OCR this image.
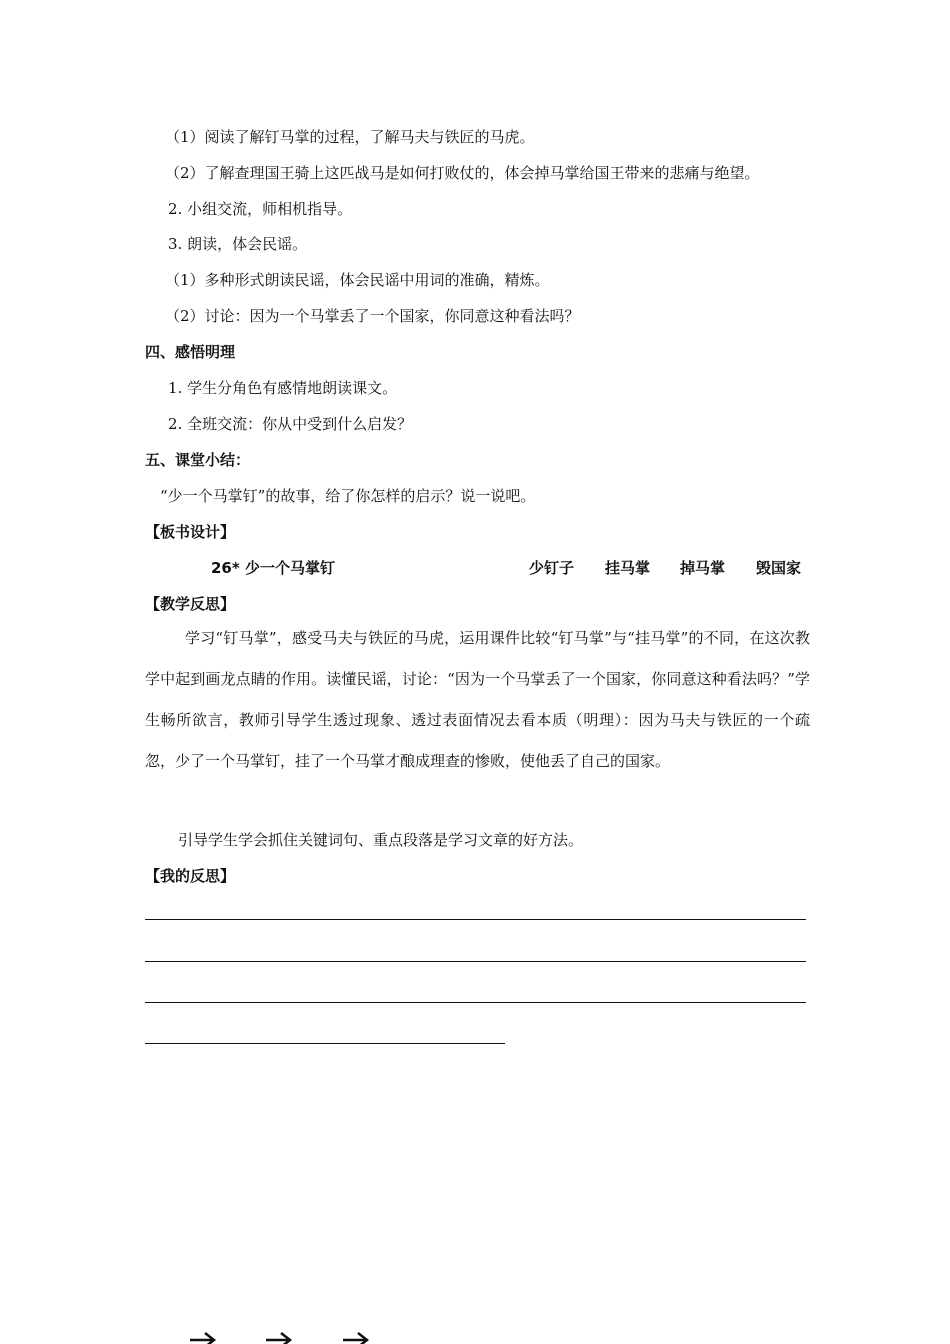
（1）阅读了解钉马掌的过程，了解马夫与铁匠的马虎。
（2）了解查理国王骑上这匹战马是如何打败仗的，体会掉马掌给国王带来的悲痛与绝望。
2. 小组交流，师相机指导。
3. 朗读，体会民谣。
（1）多种形式朗读民谣，体会民谣中用词的准确，精炼。
（2）讨论：因为一个马掌丢了一个国家，你同意这种看法吗？
四、感悟明理
1. 学生分角色有感情地朗读课文。
2. 全班交流：你从中受到什么启发？
五、课堂小结：
“少一个马掌钉”的故事，给了你怎样的启示？说一说吧。
【板书设计】
26* 少一个马掌钉	少钉子 挂马掌 掉马掌 毁国家
【教学反思】
学习“钉马掌”，感受马夫与铁匠的马虎，运用课件比较“钉马掌”与“挂马掌”的不同，在这次教学中起到画龙点睛的作用。读懂民谣，讨论：“因为一个马掌丢了一个国家，你同意这种看法吗？”学生畅所欲言，教师引导学生透过现象、透过表面情况去看本质（明理）：因为马夫与铁匠的一个疏忽，少了一个马掌钉，挂了一个马掌才酿成理查的惨败，使他丢了自己的国家。
引导学生学会抓住关键词句、重点段落是学习文章的好方法。
【我的反思】
